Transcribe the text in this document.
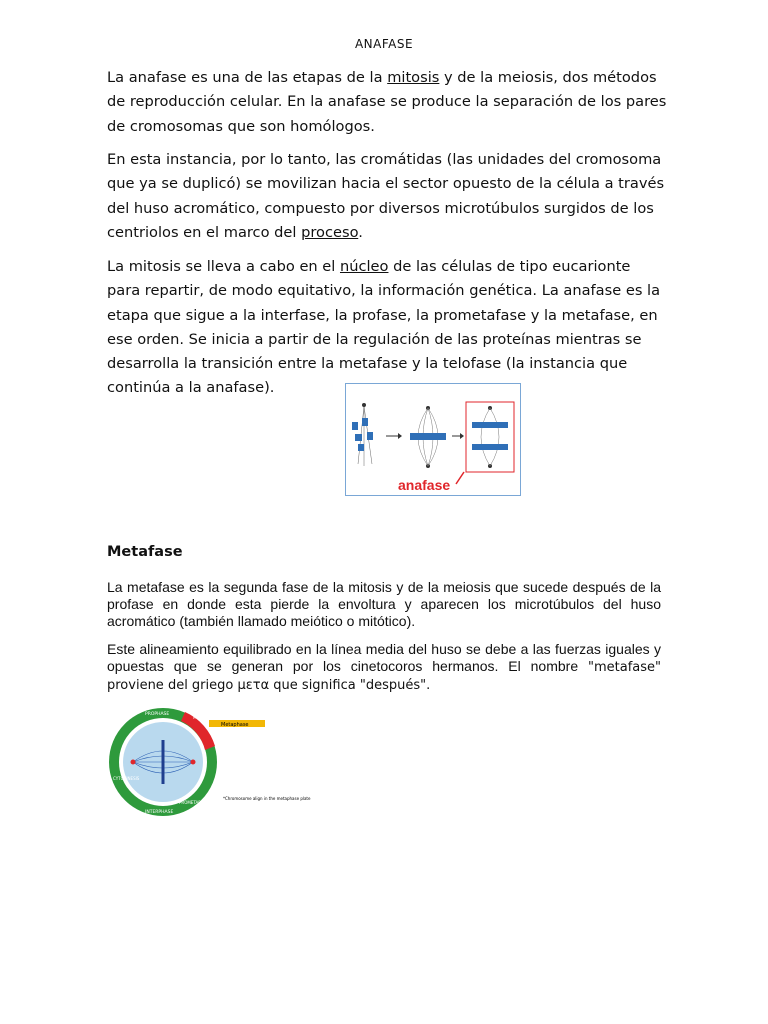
ANAFASE
La anafase es una de las etapas de la mitosis y de la meiosis, dos métodos de reproducción celular. En la anafase se produce la separación de los pares de cromosomas que son homólogos.
En esta instancia, por lo tanto, las cromátidas (las unidades del cromosoma que ya se duplicó) se movilizan hacia el sector opuesto de la célula a través del huso acromático, compuesto por diversos microtúbulos surgidos de los centriolos en el marco del proceso.
La mitosis se lleva a cabo en el núcleo de las células de tipo eucarionte para repartir, de modo equitativo, la información genética. La anafase es la etapa que sigue a la interfase, la profase, la prometafase y la metafase, en ese orden. Se inicia a partir de la regulación de las proteínas mientras se desarrolla la transición entre la metafase y la telofase (la instancia que continúa a la anafase).
anafase
Metafase
La metafase es la segunda fase de la mitosis y de la meiosis que sucede después de la profase en donde esta pierde la envoltura y aparecen los microtúbulos del huso acromático (también llamado meiótico o mitótico).
Este alineamiento equilibrado en la línea media del huso se debe a las fuerzas iguales y opuestas que se generan por los cinetocoros hermanos. El nombre "metafase" proviene del griego μετα que significa "después".
PROPHASE
INTERPHASE
CYTOKINESIS
PROMETAPHASE
MITOSIS
Metaphase
*Chromosome align in the metaphase plate
